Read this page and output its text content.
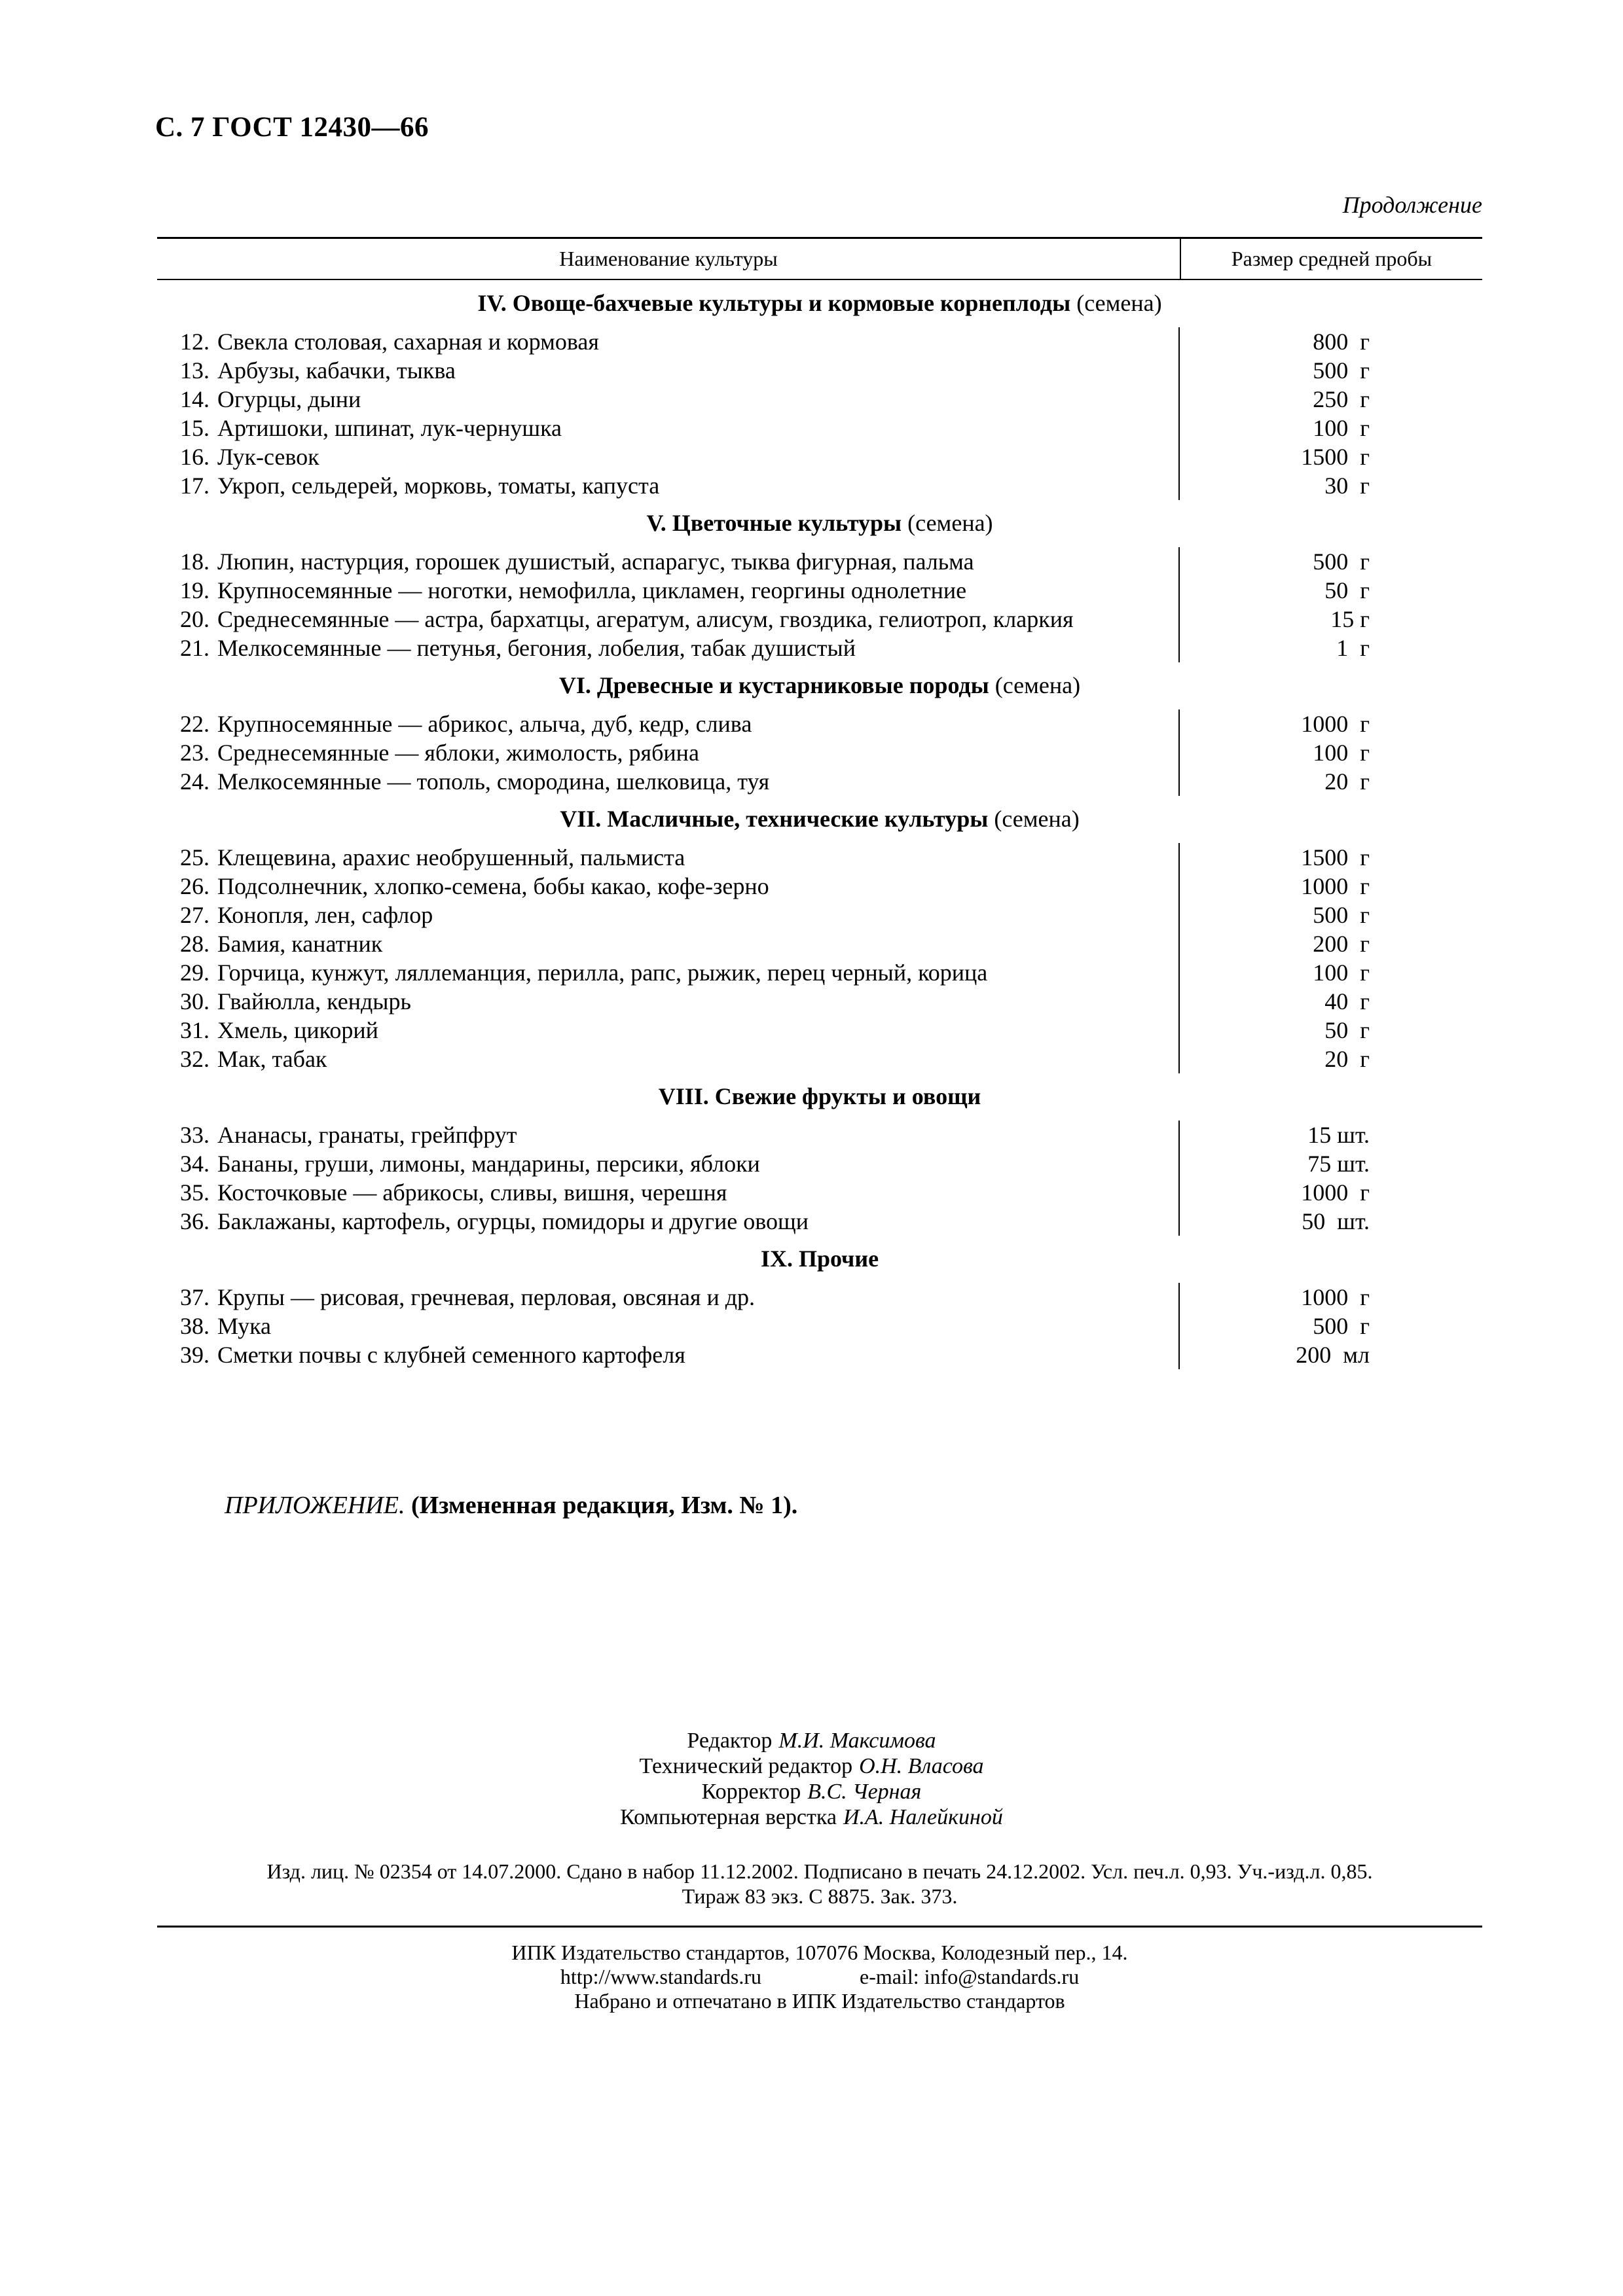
С. 7 ГОСТ 12430—66
Продолжение
Наименование культуры	Размер средней пробы
IV. Овоще-бахчевые культуры и кормовые корнеплоды (семена)
12. Свекла столовая, сахарная и кормовая
13. Арбузы, кабачки, тыква
14. Огурцы, дыни
15. Артишоки, шпинат, лук-чернушка
16. Лук-севок
17. Укроп, сельдерей, морковь, томаты, капуста
800  г
500  г
250  г
100  г
1500  г
30  г
V. Цветочные культуры (семена)
18. Люпин, настурция, горошек душистый, аспарагус, тыква фигурная, пальма
19. Крупносемянные — ноготки, немофилла, цикламен, георгины однолетние
20. Среднесемянные — астра, бархатцы, агератум, алисум, гвоздика, гелиотроп, кларкия
21. Мелкосемянные — петунья, бегония, лобелия, табак душистый
500  г
50  г
15 г
1  г
VI. Древесные и кустарниковые породы (семена)
22. Крупносемянные — абрикос, алыча, дуб, кедр, слива
23. Среднесемянные — яблоки, жимолость, рябина
24. Мелкосемянные — тополь, смородина, шелковица, туя
1000  г
100  г
20  г
VII. Масличные, технические культуры (семена)
25. Клещевина, арахис необрушенный, пальмиста
26. Подсолнечник, хлопко-семена, бобы какао, кофе-зерно
27. Конопля, лен, сафлор
28. Бамия, канатник
29. Горчица, кунжут, ляллеманция, перилла, рапс, рыжик, перец черный, корица
30. Гвайюлла, кендырь
31. Хмель, цикорий
32. Мак, табак
1500  г
1000  г
500  г
200  г
100  г
40  г
50  г
20  г
VIII. Свежие фрукты и овощи
33. Ананасы, гранаты, грейпфрут
34. Бананы, груши, лимоны, мандарины, персики, яблоки
35. Косточковые — абрикосы, сливы, вишня, черешня
36. Баклажаны, картофель, огурцы, помидоры и другие овощи
15 шт.
75 шт.
1000  г
50  шт.
IX. Прочие
37. Крупы — рисовая, гречневая, перловая, овсяная и др.
38. Мука
39. Сметки почвы с клубней семенного картофеля
1000  г
500  г
200  мл
ПРИЛОЖЕНИЕ. (Измененная редакция, Изм. № 1).
Редактор М.И. Максимова
Технический редактор О.Н. Власова
Корректор В.С. Черная
Компьютерная верстка И.А. Налейкиной
Изд. лиц. № 02354 от 14.07.2000. Сдано в набор 11.12.2002. Подписано в печать 24.12.2002. Усл. печ.л. 0,93. Уч.-изд.л. 0,85.
Тираж 83 экз. С 8875. Зак. 373.
ИПК Издательство стандартов, 107076 Москва, Колодезный пер., 14.
http://www.standards.ru	e-mail: info@standards.ru
Набрано и отпечатано в ИПК Издательство стандартов
